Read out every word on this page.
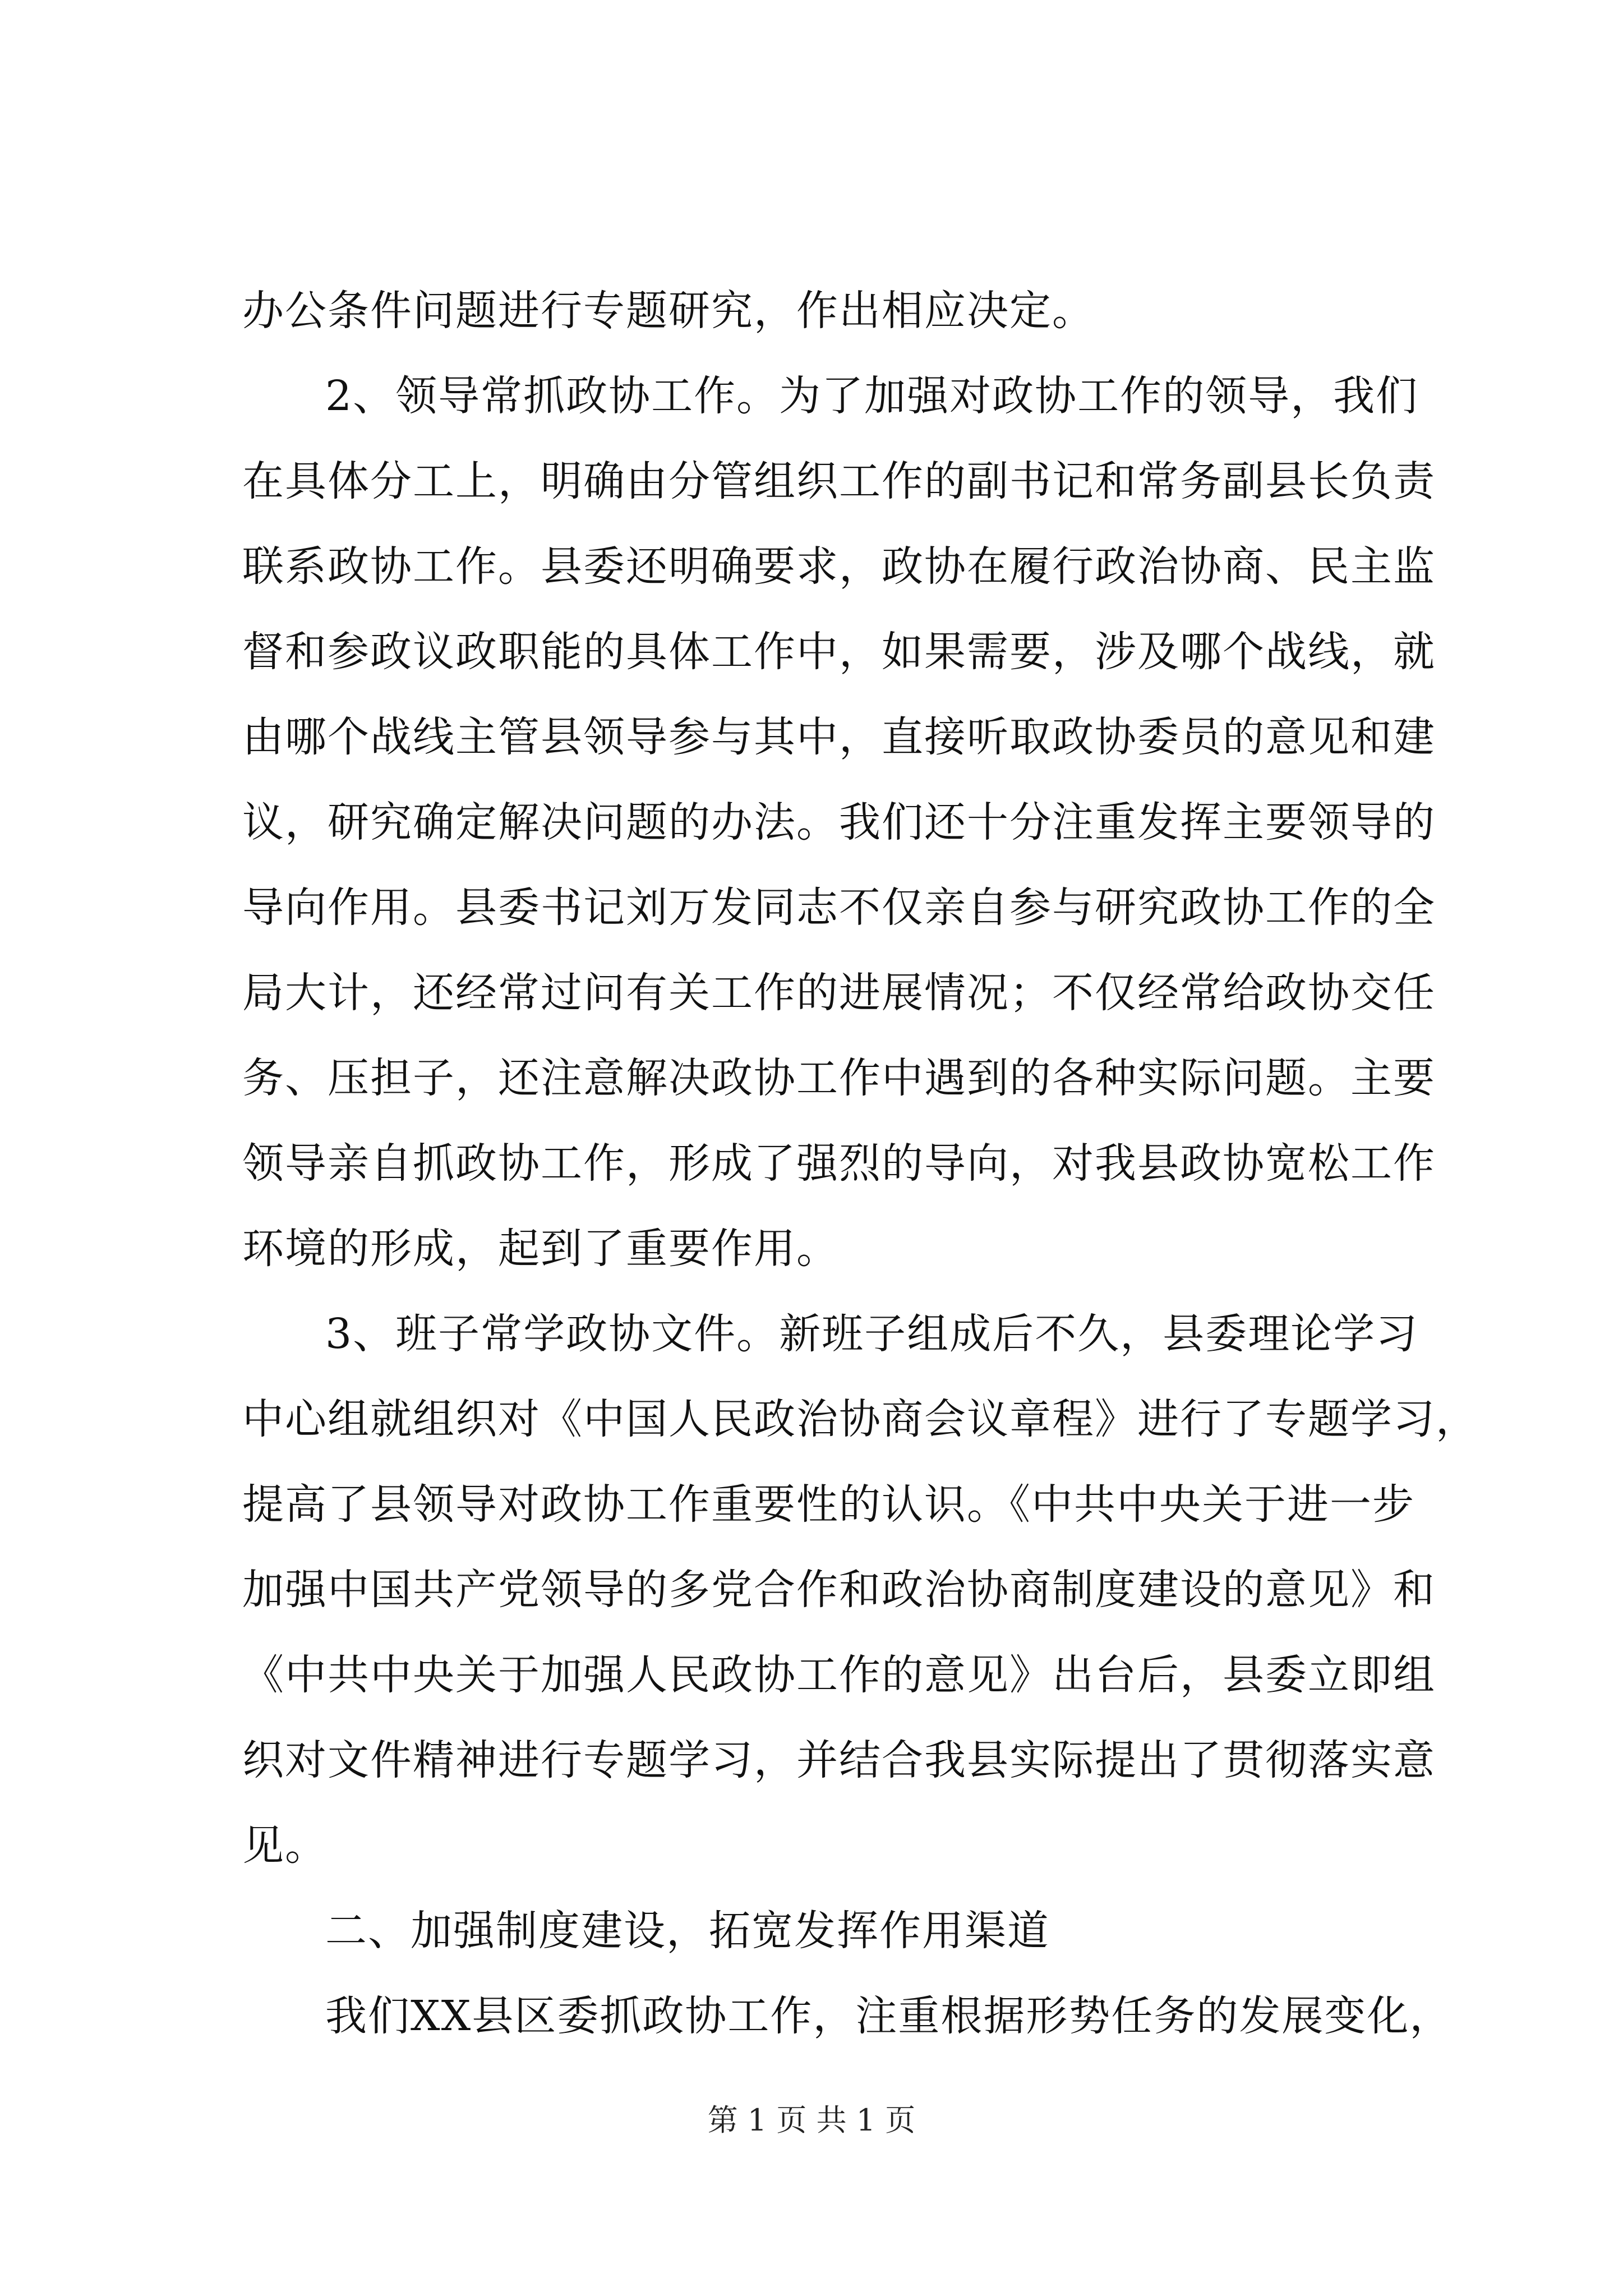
办公条件问题进行专题研究，作出相应决定。
2、领导常抓政协工作。为了加强对政协工作的领导，我们
在具体分工上，明确由分管组织工作的副书记和常务副县长负责
联系政协工作。县委还明确要求，政协在履行政治协商、民主监
督和参政议政职能的具体工作中，如果需要，涉及哪个战线，就
由哪个战线主管县领导参与其中，直接听取政协委员的意见和建
议，研究确定解决问题的办法。我们还十分注重发挥主要领导的
导向作用。县委书记刘万发同志不仅亲自参与研究政协工作的全
局大计，还经常过问有关工作的进展情况；不仅经常给政协交任
务、压担子，还注意解决政协工作中遇到的各种实际问题。主要
领导亲自抓政协工作，形成了强烈的导向，对我县政协宽松工作
环境的形成，起到了重要作用。
3、班子常学政协文件。新班子组成后不久，县委理论学习
中心组就组织对《中国人民政治协商会议章程》进行了专题学习，
提高了县领导对政协工作重要性的认识。《中共中央关于进一步
加强中国共产党领导的多党合作和政治协商制度建设的意见》和
《中共中央关于加强人民政协工作的意见》出台后，县委立即组
织对文件精神进行专题学习，并结合我县实际提出了贯彻落实意
见。
二、加强制度建设，拓宽发挥作用渠道
我们XX县区委抓政协工作，注重根据形势任务的发展变化，
第 1 页 共 1 页
